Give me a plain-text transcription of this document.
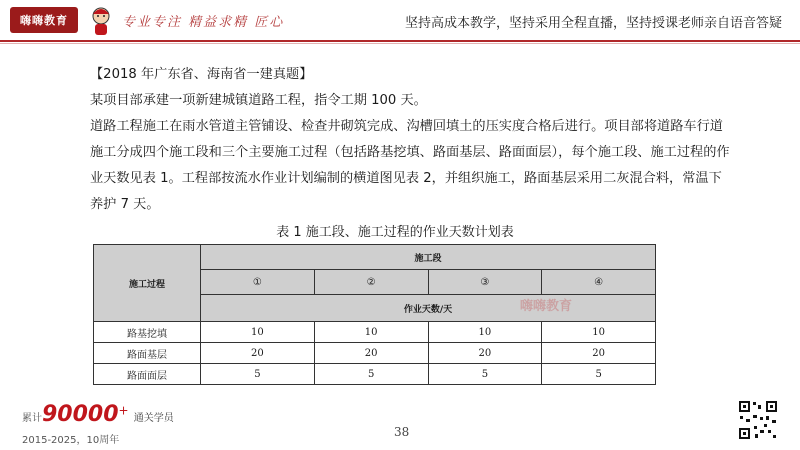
嗨嗨教育	专业专注 精益求精 匠心	坚持高成本教学，坚持采用全程直播，坚持授课老师亲自语音答疑

【2018 年广东省、海南省一建真题】

某项目部承建一项新建城镇道路工程，指令工期 100 天。

道路工程施工在雨水管道主管铺设、检查井砌筑完成、沟槽回填土的压实度合格后进行。项目部将道路车行道施工分成四个施工段和三个主要施工过程（包括路基挖填、路面基层、路面面层），每个施工段、施工过程的作业天数见表 1。工程部按流水作业计划编制的横道图见表 2，并组织施工，路面基层采用二灰混合料，常温下养护 7 天。

表 1 施工段、施工过程的作业天数计划表
施工过程	施工段			
	①	②	③	④
	作业天数/天			
路基挖填	10	10	10	10
路面基层	20	20	20	20
路面面层	5	5	5	5
嗨嗨教育
累计90000+ 通关学员
2015-2025，10周年
38
